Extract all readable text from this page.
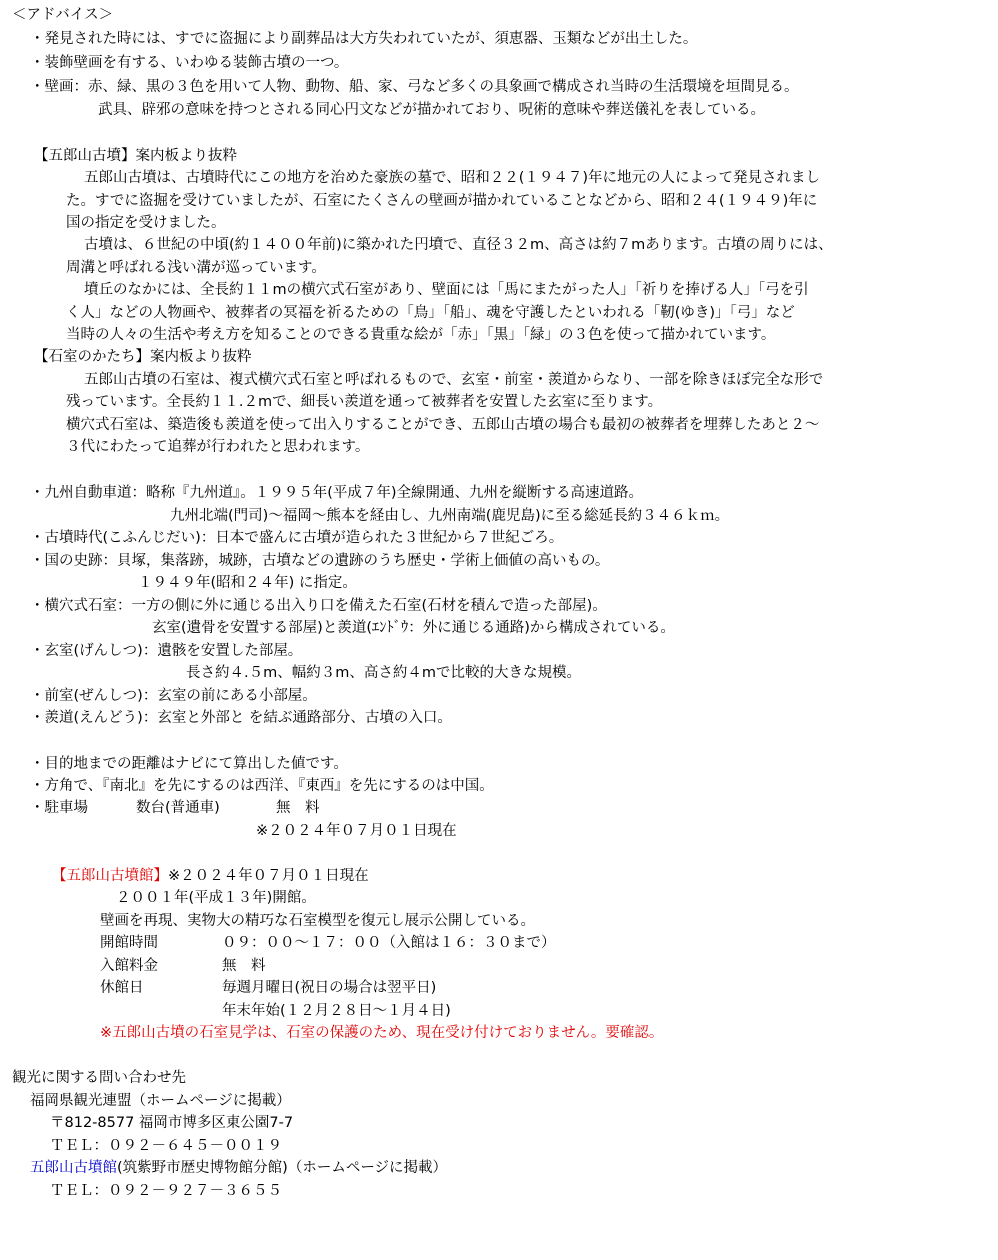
＜アドバイス＞
・発見された時には、すでに盗掘により副葬品は大方失われていたが、須恵器、玉類などが出土した。
・装飾壁画を有する、いわゆる装飾古墳の一つ。
・壁画：赤、緑、黒の３色を用いて人物、動物、船、家、弓など多くの具象画で構成され当時の生活環境を垣間見る。
武具、辟邪の意味を持つとされる同心円文などが描かれており、呪術的意味や葬送儀礼を表している。
【五郎山古墳】案内板より抜粋
五郎山古墳は、古墳時代にこの地方を治めた豪族の墓で、昭和２２(１９４７)年に地元の人によって発見されまし
た。すでに盗掘を受けていましたが、石室にたくさんの壁画が描かれていることなどから、昭和２４(１９４９)年に
国の指定を受けました。
古墳は、６世紀の中頃(約１４００年前)に築かれた円墳で、直径３２m、高さは約７mあります。古墳の周りには、
周溝と呼ばれる浅い溝が巡っています。
墳丘のなかには、全長約１１mの横穴式石室があり、壁面には「馬にまたがった人」「祈りを捧げる人」「弓を引
く人」などの人物画や、被葬者の冥福を祈るための「鳥」「船」、魂を守護したといわれる「靭(ゆき)」「弓」など
当時の人々の生活や考え方を知ることのできる貴重な絵が「赤」「黒」「緑」の３色を使って描かれています。
【石室のかたち】案内板より抜粋
五郎山古墳の石室は、複式横穴式石室と呼ばれるもので、玄室・前室・羨道からなり、一部を除きほぼ完全な形で
残っています。全長約１１.２mで、細長い羨道を通って被葬者を安置した玄室に至ります。
横穴式石室は、築造後も羨道を使って出入りすることができ、五郎山古墳の場合も最初の被葬者を埋葬したあと２～
３代にわたって追葬が行われたと思われます。
・九州自動車道：略称『九州道』。１９９５年(平成７年)全線開通、九州を縦断する高速道路。
九州北端(門司)～福岡～熊本を経由し、九州南端(鹿児島)に至る総延長約３４６ｋｍ。
・古墳時代(こふんじだい)：日本で盛んに古墳が造られた３世紀から７世紀ごろ。
・国の史跡：貝塚，集落跡，城跡，古墳などの遺跡のうち歴史・学術上価値の高いもの。
１９４９年(昭和２４年) に指定。
・横穴式石室：一方の側に外に通じる出入り口を備えた石室(石材を積んで造った部屋)。
玄室(遺骨を安置する部屋)と羨道(ｴﾝﾄﾞｳ：外に通じる通路)から構成されている。
・玄室(げんしつ)：遺骸を安置した部屋。
長さ約４.５m、幅約３m、高さ約４mで比較的大きな規模。
・前室(ぜんしつ)：玄室の前にある小部屋。
・羨道(えんどう)：玄室と外部と を結ぶ通路部分、古墳の入口。
・目的地までの距離はナビにて算出した値です。
・方角で、『南北』を先にするのは西洋、『東西』を先にするのは中国。
・駐車場	数台(普通車)	無　料
※２０２４年０７月０１日現在
【五郎山古墳館】※２０２４年０７月０１日現在
２００１年(平成１３年)開館。
壁画を再現、実物大の精巧な石室模型を復元し展示公開している。
開館時間	０９：００～１７：００（入館は１６：３０まで）
入館料金	無　料
休館日	毎週月曜日(祝日の場合は翌平日)
年末年始(１２月２８日～１月４日)
※五郎山古墳の石室見学は、石室の保護のため、現在受け付けておりません。要確認。
観光に関する問い合わせ先
福岡県観光連盟（ホームページに掲載）
〒812-8577 福岡市博多区東公園7-7
ＴＥＬ：０９２－６４５－００１９
五郎山古墳館(筑紫野市歴史博物館分館)（ホームページに掲載）
ＴＥＬ：０９２－９２７－３６５５
